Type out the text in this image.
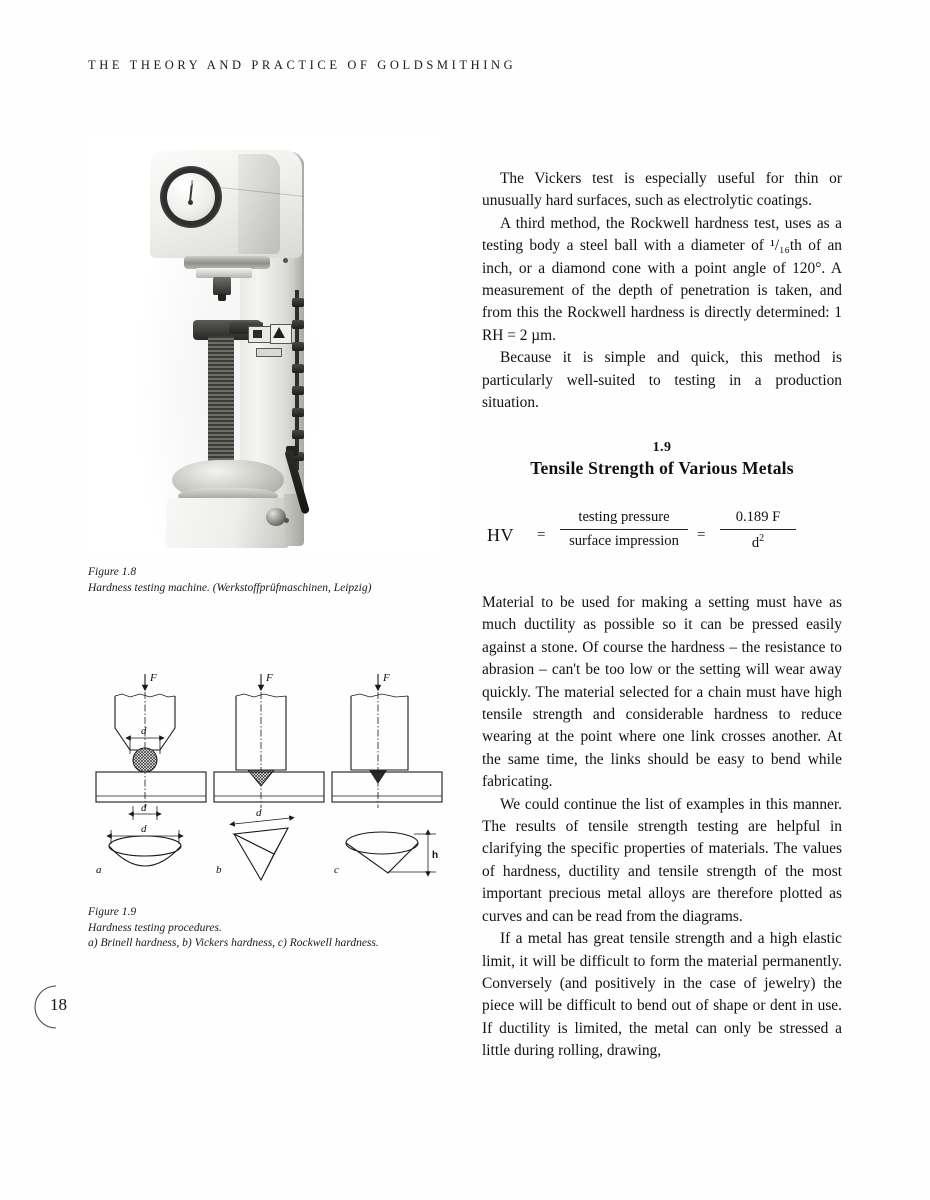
THE THEORY AND PRACTICE OF GOLDSMITHING
Figure 1.8
Hardness testing machine. (Werkstoffprüfmaschinen, Leipzig)
F
d
d
d
a
F
d
b
F
h
c
Figure 1.9
Hardness testing procedures.
a) Brinell hardness, b) Vickers hardness, c) Rockwell hardness.
18

The Vickers test is especially useful for thin or unusually hard surfaces, such as electrolytic coatings.

A third method, the Rockwell hardness test, uses as a testing body a steel ball with a diameter of ¹/₁₆th of an inch, or a diamond cone with a point angle of 120°. A measurement of the depth of penetration is taken, and from this the Rockwell hardness is directly determined: 1 RH = 2 µm.

Because it is simple and quick, this method is particularly well-suited to testing in a production situation.

1.9
Tensile Strength of Various Metals
HV =
testing pressure
surface impression	=
0.189 F
$d^2$

Material to be used for making a setting must have as much ductility as possible so it can be pressed easily against a stone. Of course the hardness – the resistance to abrasion – can't be too low or the setting will wear away quickly. The material selected for a chain must have high tensile strength and considerable hardness to reduce wearing at the point where one link crosses another. At the same time, the links should be easy to bend while fabricating.

We could continue the list of examples in this manner. The results of tensile strength testing are helpful in clarifying the specific properties of materials. The values of hardness, ductility and tensile strength of the most important precious metal alloys are therefore plotted as curves and can be read from the diagrams.

If a metal has great tensile strength and a high elastic limit, it will be difficult to form the material permanently. Conversely (and positively in the case of jewelry) the piece will be difficult to bend out of shape or dent in use. If ductility is limited, the metal can only be stressed a little during rolling, drawing,
